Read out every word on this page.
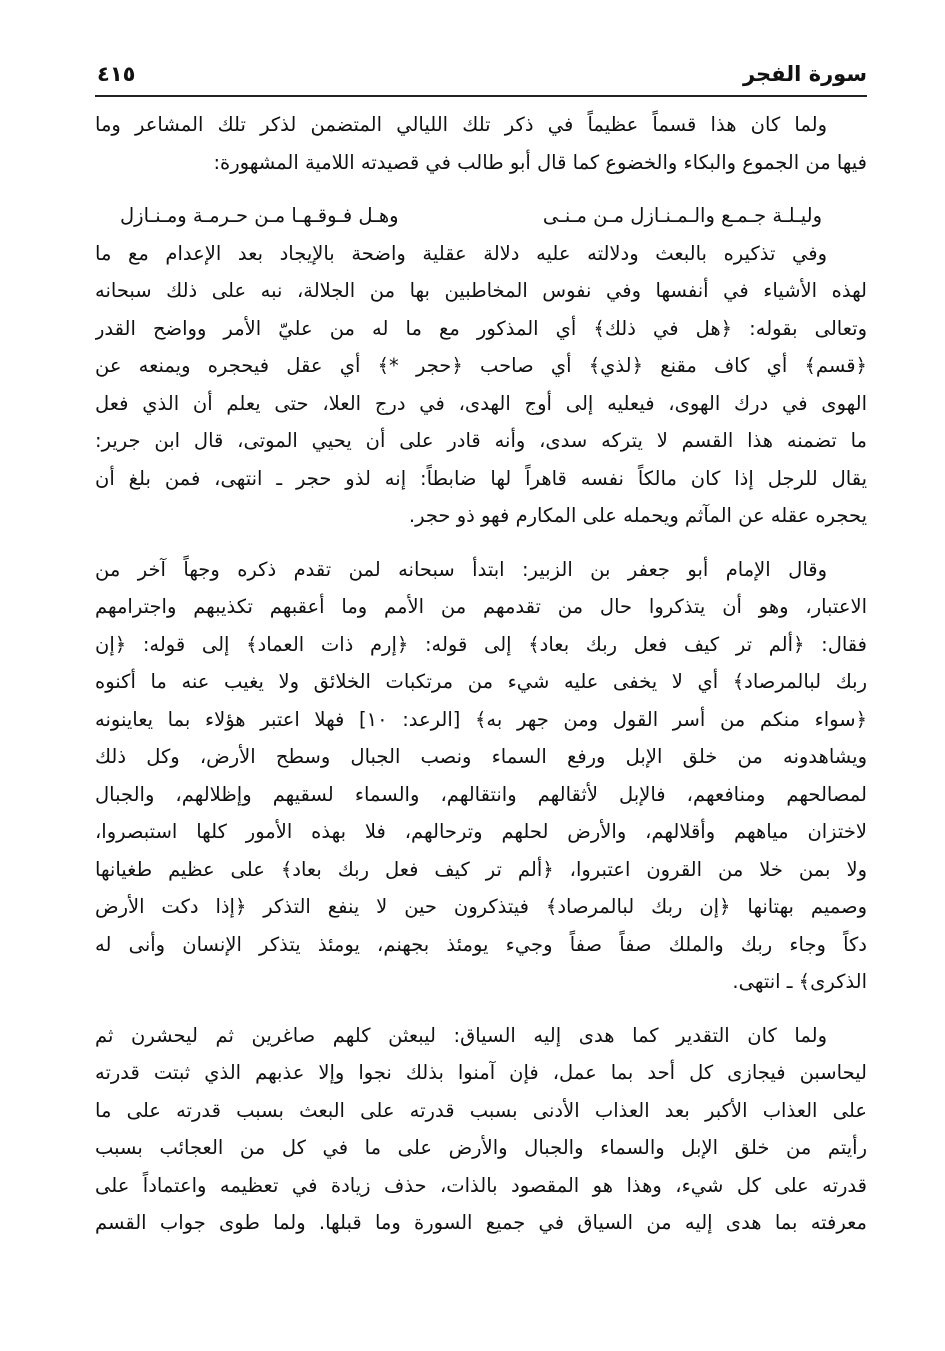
سورة الفجر
٤١٥
ولما كان هذا قسماً عظيماً في ذكر تلك الليالي المتضمن لذكر تلك المشاعر وما
فيها من الجموع والبكاء والخضوع كما قال أبو طالب في قصيدته اللامية المشهورة:
وليـلـة جـمـع والـمـنـازل مـن مـنـى
وهـل فـوقـهـا مـن حـرمـة ومـنـازل
وفي تذكيره بالبعث ودلالته عليه دلالة عقلية واضحة بالإيجاد بعد الإعدام مع ما
لهذه الأشياء في أنفسها وفي نفوس المخاطبين بها من الجلالة، نبه على ذلك سبحانه
وتعالى بقوله: ﴿هل في ذلك﴾ أي المذكور مع ما له من عليّ الأمر وواضح القدر
﴿قسم﴾ أي كاف مقنع ﴿لذي﴾ أي صاحب ﴿حجر *﴾ أي عقل فيحجره ويمنعه عن
الهوى في درك الهوى، فيعليه إلى أوج الهدى، في درج العلا، حتى يعلم أن الذي فعل
ما تضمنه هذا القسم لا يتركه سدى، وأنه قادر على أن يحيي الموتى، قال ابن جرير:
يقال للرجل إذا كان مالكاً نفسه قاهراً لها ضابطاً: إنه لذو حجر ـ انتهى، فمن بلغ أن
يحجره عقله عن المآثم ويحمله على المكارم فهو ذو حجر.
وقال الإمام أبو جعفر بن الزبير: ابتدأ سبحانه لمن تقدم ذكره وجهاً آخر من
الاعتبار، وهو أن يتذكروا حال من تقدمهم من الأمم وما أعقبهم تكذيبهم واجترامهم
فقال: ﴿ألم تر كيف فعل ربك بعاد﴾ إلى قوله: ﴿إرم ذات العماد﴾ إلى قوله: ﴿إن
ربك لبالمرصاد﴾ أي لا يخفى عليه شيء من مرتكبات الخلائق ولا يغيب عنه ما أكنوه
﴿سواء منكم من أسر القول ومن جهر به﴾ [الرعد: ١٠] فهلا اعتبر هؤلاء بما يعاينونه
ويشاهدونه من خلق الإبل ورفع السماء ونصب الجبال وسطح الأرض، وكل ذلك
لمصالحهم ومنافعهم، فالإبل لأثقالهم وانتقالهم، والسماء لسقيهم وإظلالهم، والجبال
لاختزان مياههم وأقلالهم، والأرض لحلهم وترحالهم، فلا بهذه الأمور كلها استبصروا،
ولا بمن خلا من القرون اعتبروا، ﴿ألم تر كيف فعل ربك بعاد﴾ على عظيم طغيانها
وصميم بهتانها ﴿إن ربك لبالمرصاد﴾ فيتذكرون حين لا ينفع التذكر ﴿إذا دكت الأرض
دكاً وجاء ربك والملك صفاً صفاً وجيء يومئذ بجهنم، يومئذ يتذكر الإنسان وأنى له
الذكرى﴾ ـ انتهى.
ولما كان التقدير كما هدى إليه السياق: ليبعثن كلهم صاغرين ثم ليحشرن ثم
ليحاسبن فيجازى كل أحد بما عمل، فإن آمنوا بذلك نجوا وإلا عذبهم الذي ثبتت قدرته
على العذاب الأكبر بعد العذاب الأدنى بسبب قدرته على البعث بسبب قدرته على ما
رأيتم من خلق الإبل والسماء والجبال والأرض على ما في كل من العجائب بسبب
قدرته على كل شيء، وهذا هو المقصود بالذات، حذف زيادة في تعظيمه واعتماداً على
معرفته بما هدى إليه من السياق في جميع السورة وما قبلها. ولما طوى جواب القسم
